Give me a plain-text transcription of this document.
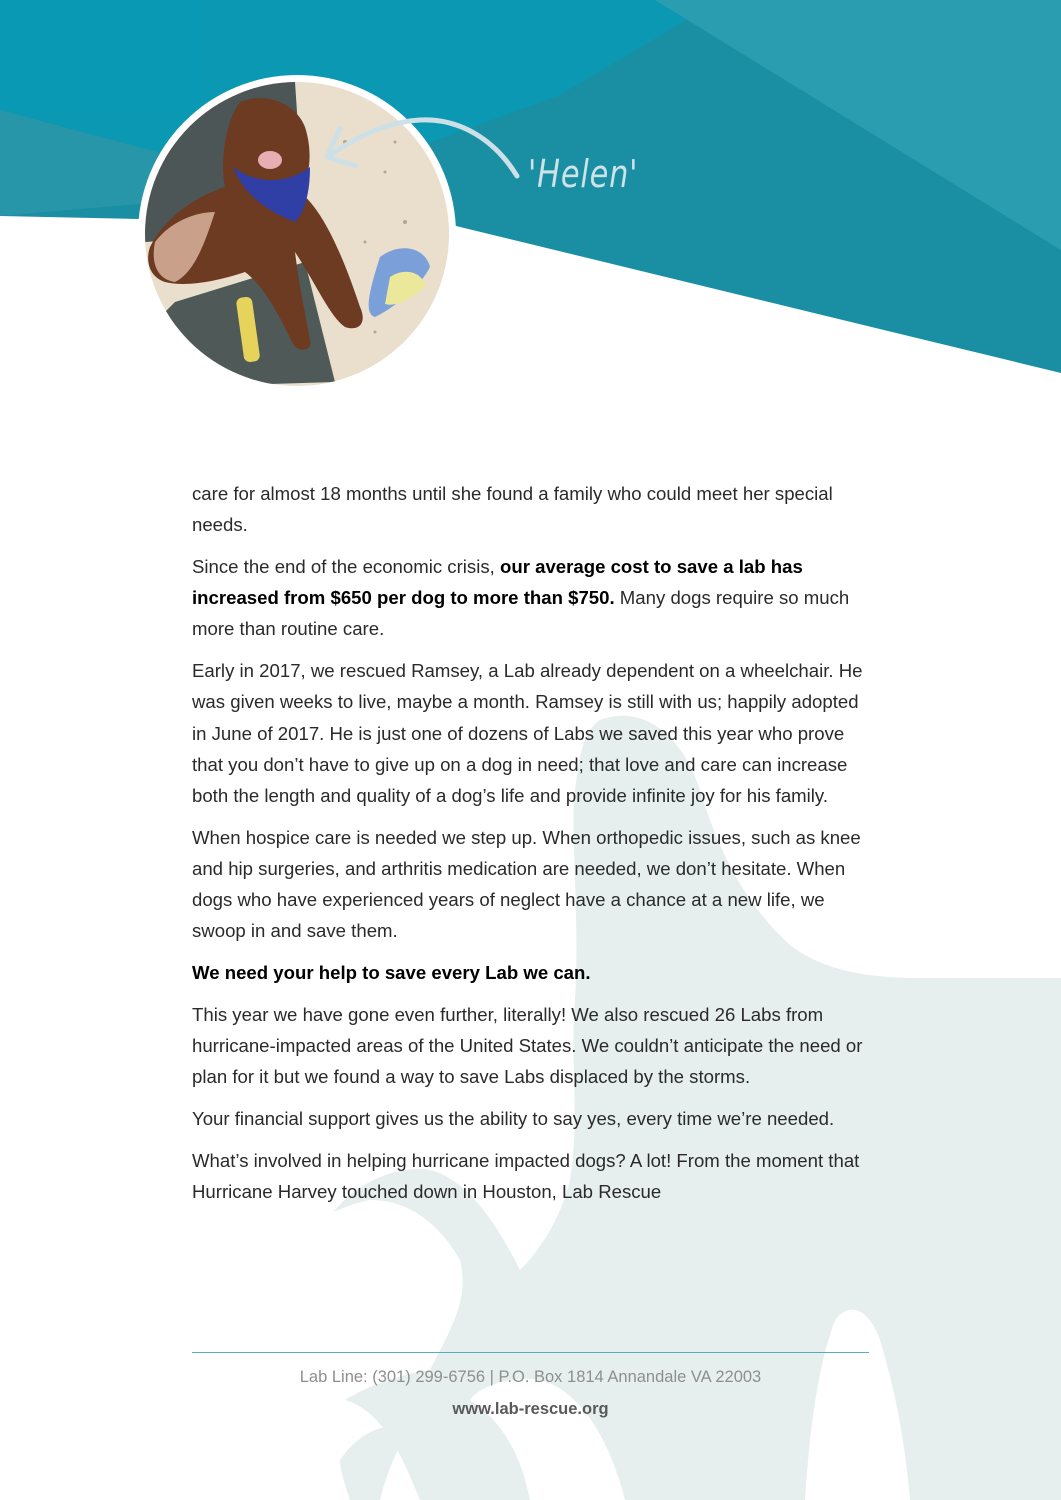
'Helen'

care for almost 18 months until she found a family who could meet her special needs.

Since the end of the economic crisis, our average cost to save a lab has increased from $650 per dog to more than $750. Many dogs require so much more than routine care.

Early in 2017, we rescued Ramsey, a Lab already dependent on a wheelchair. He was given weeks to live, maybe a month. Ramsey is still with us; happily adopted in June of 2017. He is just one of dozens of Labs we saved this year who prove that you don’t have to give up on a dog in need; that love and care can increase both the length and quality of a dog’s life and provide infinite joy for his family.

When hospice care is needed we step up. When orthopedic issues, such as knee and hip surgeries, and arthritis medication are needed, we don’t hesitate. When dogs who have experienced years of neglect have a chance at a new life, we swoop in and save them.

We need your help to save every Lab we can.

This year we have gone even further, literally! We also rescued 26 Labs from hurricane-impacted areas of the United States. We couldn’t anticipate the need or plan for it but we found a way to save Labs displaced by the storms.

Your financial support gives us the ability to say yes, every time we’re needed.

What’s involved in helping hurricane impacted dogs? A lot! From the moment that Hurricane Harvey touched down in Houston, Lab Rescue

Lab Line: (301) 299-6756 | P.O. Box 1814 Annandale VA 22003
www.lab-rescue.org
